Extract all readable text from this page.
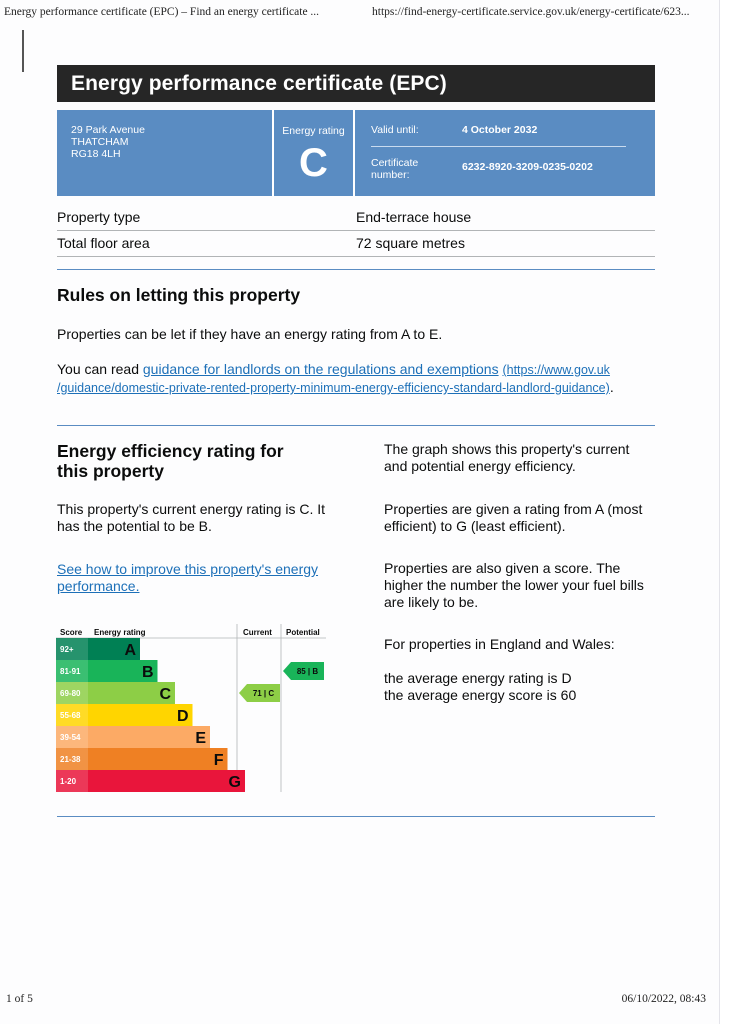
Energy performance certificate (EPC) – Find an energy certificate ...	https://find-energy-certificate.service.gov.uk/energy-certificate/623...
Energy performance certificate (EPC)
29 Park Avenue
THATCHAM
RG18 4LH
Energy rating
C
Valid until:	4 October 2032
Certificate number:
6232-8920-3209-0235-0202
Property type	End-terrace house
Total floor area	72 square metres
Rules on letting this property
Properties can be let if they have an energy rating from A to E.
You can read guidance for landlords on the regulations and exemptions (https://www.gov.uk
/guidance/domestic-private-rented-property-minimum-energy-efficiency-standard-landlord-guidance).
Energy efficiency rating for
this property
This property's current energy rating is C. It
has the potential to be B.
See how to improve this property's energy
performance.
The graph shows this property's current
and potential energy efficiency.
Properties are given a rating from A (most
efficient) to G (least efficient).
Properties are also given a score. The
higher the number the lower your fuel bills
are likely to be.
For properties in England and Wales:
the average energy rating is D
the average energy score is 60
Score Energy rating	Current Potential
92+	A
81-91	B
69-80	C
55-68	D
39-54	E
21-38	F
1-20	G
71 | C
85 | B
1 of 5	06/10/2022, 08:43
